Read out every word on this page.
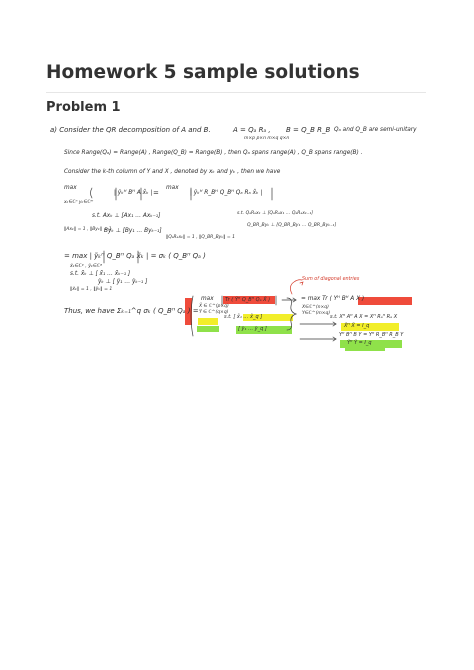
Homework 5 sample solutions
Problem 1
a) Consider the QR decomposition of A and B.	A = Qₐ Rₐ , B = Q_B R_B Qₐ and Q_B are semi-unitary
m×p p×n m×q q×n
Since Range(Qₐ) = Range(A) , Range(Q_B) = Range(B) , then Qₐ spans range(A) , Q_B spans range(B) .
Consider the k-th column of Y and X , denoted by xₖ and yₖ , then we have
max
| ŷₖᴴ Bᴴ A x̂ₖ | =
max
| ŷₖᴴ R_Bᴴ Q_Bᴴ Qₐ Rₐ x̂ₖ |
xₖ∈ℂⁿ yₖ∈ℂᵐ
s.t. Axₖ ⊥ [Ax₁ … Axₖ₋₁]	s.t. QₐRₐxₖ ⊥ [QₐRₐx₁ … QₐRₐxₖ₋₁]
Byₖ ⊥ [By₁ … Byₖ₋₁]
Q_BR_Byₖ ⊥ [Q_BR_By₁ … Q_BR_Byₖ₋₁]
‖Axₖ‖ = 1 , ‖Byₖ‖ = 1
‖QₐRₐxₖ‖ = 1 , ‖Q_BR_Byₖ‖ = 1
= max | ỹₖᴴ Q_Bᴴ Qₐ x̃ₖ | = σₖ ( Q_Bᴴ Qₐ )
x̃ₖ∈ℂᵖ , ỹₖ∈ℂᵠ
s.t. x̃ₖ ⊥ [ x̃₁ … x̃ₖ₋₁ ]
ỹₖ ⊥ [ ỹ₁ … ỹₖ₋₁ ]
‖x̃ₖ‖ = 1 , ‖ỹₖ‖ = 1
Sum of diagonal entries
Thus, we have Σₖ₌₁^q σₖ ( Q_Bᴴ Qₐ ) =
max Tr ( Ỹᴴ Q_Bᴴ Qₐ X̃ )
X̃ ∈ ℂ^(p×q)
Ỹ ∈ ℂ^(q×q)
s.t. [ x̃₁ … x̃_q ]
[ ỹ₁ … ỹ_q ]
= max Tr ( Yᴴ Bᴴ A X )
X∈ℂ^(n×q)
Y∈ℂ^(m×q)
s.t. Xᴴ Aᴴ A X = Xᴴ Rₐᴴ Rₐ X
X̃ᴴ X̃ = I_q
Yᴴ Bᴴ B Y = Yᴴ R_Bᴴ R_B Y
Ỹᴴ Ỹ = I_q
